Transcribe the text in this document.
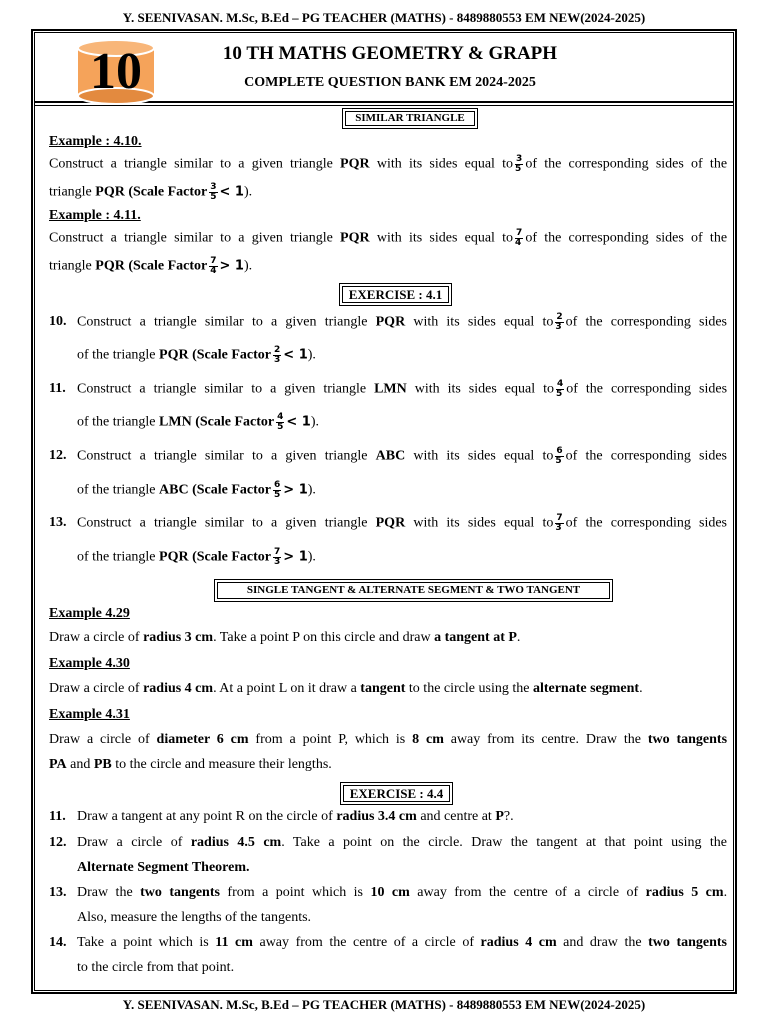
Y. SEENIVASAN. M.Sc, B.Ed – PG TEACHER (MATHS) - 8489880553 EM NEW(2024-2025)
10	10 TH MATHS GEOMETRY & GRAPH
COMPLETE QUESTION BANK EM 2024-2025
SIMILAR TRIANGLE
Example : 4.10.
Construct a triangle similar to a given triangle PQR with its sides equal to $\frac{3}{5}$ of the corresponding sides of the
triangle PQR (Scale Factor $\frac{3}{5} < 1$).
Example : 4.11.
Construct a triangle similar to a given triangle PQR with its sides equal to $\frac{7}{4}$ of the corresponding sides of the
triangle PQR (Scale Factor $\frac{7}{4} > 1$).
EXERCISE : 4.1
10. Construct a triangle similar to a given triangle PQR with its sides equal to $\frac{2}{3}$ of the corresponding sides
of the triangle PQR (Scale Factor $\frac{2}{3} < 1$).
11. Construct a triangle similar to a given triangle LMN with its sides equal to $\frac{4}{5}$ of the corresponding sides
of the triangle LMN (Scale Factor $\frac{4}{5} < 1$).
12. Construct a triangle similar to a given triangle ABC with its sides equal to $\frac{6}{5}$ of the corresponding sides
of the triangle ABC (Scale Factor $\frac{6}{5} > 1$).
13. Construct a triangle similar to a given triangle PQR with its sides equal to $\frac{7}{3}$ of the corresponding sides
of the triangle PQR (Scale Factor $\frac{7}{3} > 1$).
SINGLE TANGENT & ALTERNATE SEGMENT & TWO TANGENT
Example 4.29
Draw a circle of radius 3 cm. Take a point P on this circle and draw a tangent at P.
Example 4.30
Draw a circle of radius 4 cm. At a point L on it draw a tangent to the circle using the alternate segment.
Example 4.31
Draw a circle of diameter 6 cm from a point P, which is 8 cm away from its centre. Draw the two tangents
PA and PB to the circle and measure their lengths.
EXERCISE : 4.4
11. Draw a tangent at any point R on the circle of radius 3.4 cm and centre at P?.
12. Draw a circle of radius 4.5 cm. Take a point on the circle. Draw the tangent at that point using the
Alternate Segment Theorem.
13. Draw the two tangents from a point which is 10 cm away from the centre of a circle of radius 5 cm.
Also, measure the lengths of the tangents.
14. Take a point which is 11 cm away from the centre of a circle of radius 4 cm and draw the two tangents
to the circle from that point.
Y. SEENIVASAN. M.Sc, B.Ed – PG TEACHER (MATHS) - 8489880553 EM NEW(2024-2025)
